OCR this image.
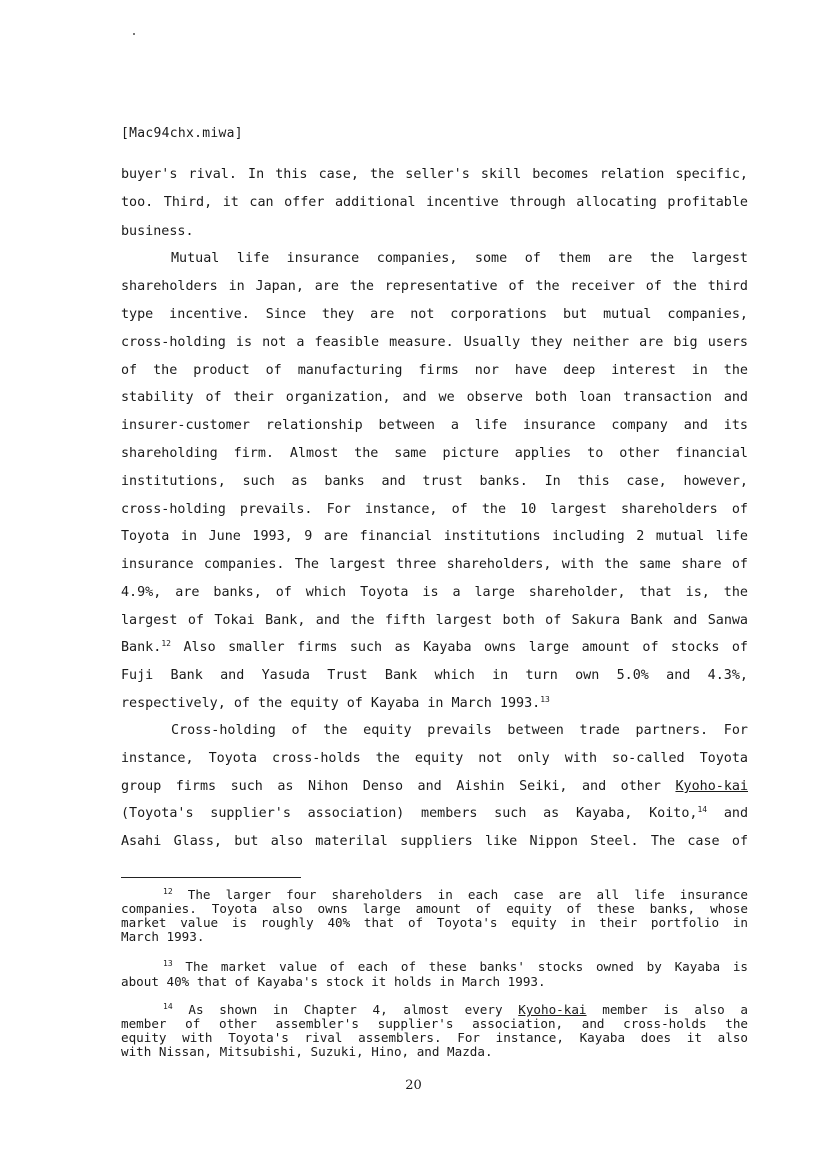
[Mac94chx.miwa]
buyer's rival. In this case, the seller's skill becomes relation specific,
too. Third, it can offer additional incentive through allocating profitable
business.
Mutual life insurance companies, some of them are the largest
shareholders in Japan, are the representative of the receiver of the third
type incentive. Since they are not corporations but mutual companies,
cross-holding is not a feasible measure. Usually they neither are big users
of the product of manufacturing firms nor have deep interest in the
stability of their organization, and we observe both loan transaction and
insurer-customer relationship between a life insurance company and its
shareholding firm. Almost the same picture applies to other financial
institutions, such as banks and trust banks. In this case, however,
cross-holding prevails. For instance, of the 10 largest shareholders of
Toyota in June 1993, 9 are financial institutions including 2 mutual life
insurance companies. The largest three shareholders, with the same share of
4.9%, are banks, of which Toyota is a large shareholder, that is, the
largest of Tokai Bank, and the fifth largest both of Sakura Bank and Sanwa
Bank.$^{12}$ Also smaller firms such as Kayaba owns large amount of stocks of
Fuji Bank and Yasuda Trust Bank which in turn own 5.0% and 4.3%,
respectively, of the equity of Kayaba in March 1993.13
Cross-holding of the equity prevails between trade partners. For
instance, Toyota cross-holds the equity not only with so-called Toyota
group firms such as Nihon Denso and Aishin Seiki, and other Kyoho-kai
(Toyota's supplier's association) members such as Kayaba, Koito,$^{14}$ and
Asahi Glass, but also materilal suppliers like Nippon Steel. The case of
$^{12}$ The larger four shareholders in each case are all life insurance
companies. Toyota also owns large amount of equity of these banks, whose
market value is roughly 40% that of Toyota's equity in their portfolio in
March 1993.
$^{13}$ The market value of each of these banks' stocks owned by Kayaba is
about 40% that of Kayaba's stock it holds in March 1993.
$^{14}$ As shown in Chapter 4, almost every Kyoho-kai member is also a
member of other assembler's supplier's association, and cross-holds the
equity with Toyota's rival assemblers. For instance, Kayaba does it also
with Nissan, Mitsubishi, Suzuki, Hino, and Mazda.
20
